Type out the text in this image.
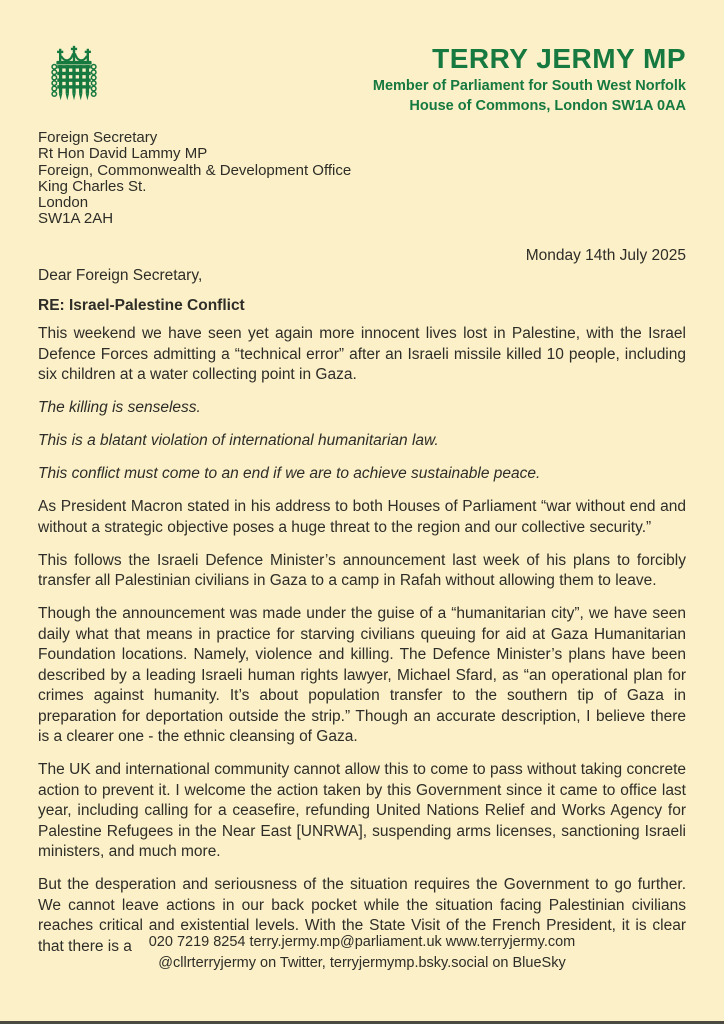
TERRY JERMY MP
Member of Parliament for South West Norfolk
House of Commons, London SW1A 0AA
Foreign Secretary
Rt Hon David Lammy MP
Foreign, Commonwealth & Development Office
King Charles St.
London
SW1A 2AH
Monday 14th July 2025
Dear Foreign Secretary,
RE: Israel-Palestine Conflict

This weekend we have seen yet again more innocent lives lost in Palestine, with the Israel Defence Forces admitting a “technical error” after an Israeli missile killed 10 people, including six children at a water collecting point in Gaza.

The killing is senseless.

This is a blatant violation of international humanitarian law.

This conflict must come to an end if we are to achieve sustainable peace.

As President Macron stated in his address to both Houses of Parliament “war without end and without a strategic objective poses a huge threat to the region and our collective security.”

This follows the Israeli Defence Minister’s announcement last week of his plans to forcibly transfer all Palestinian civilians in Gaza to a camp in Rafah without allowing them to leave.

Though the announcement was made under the guise of a “humanitarian city”, we have seen daily what that means in practice for starving civilians queuing for aid at Gaza Humanitarian Foundation locations. Namely, violence and killing. The Defence Minister’s plans have been described by a leading Israeli human rights lawyer, Michael Sfard, as “an operational plan for crimes against humanity. It’s about population transfer to the southern tip of Gaza in preparation for deportation outside the strip.” Though an accurate description, I believe there is a clearer one - the ethnic cleansing of Gaza.

The UK and international community cannot allow this to come to pass without taking concrete action to prevent it. I welcome the action taken by this Government since it came to office last year, including calling for a ceasefire, refunding United Nations Relief and Works Agency for Palestine Refugees in the Near East [UNRWA], suspending arms licenses, sanctioning Israeli ministers, and much more.

But the desperation and seriousness of the situation requires the Government to go further. We cannot leave actions in our back pocket while the situation facing Palestinian civilians reaches critical and existential levels. With the State Visit of the French President, it is clear that there is a	020 7219 8254 terry.jermy.mp@parliament.uk www.terryjermy.com
@cllrterryjermy on Twitter, terryjermymp.bsky.social on BlueSky
